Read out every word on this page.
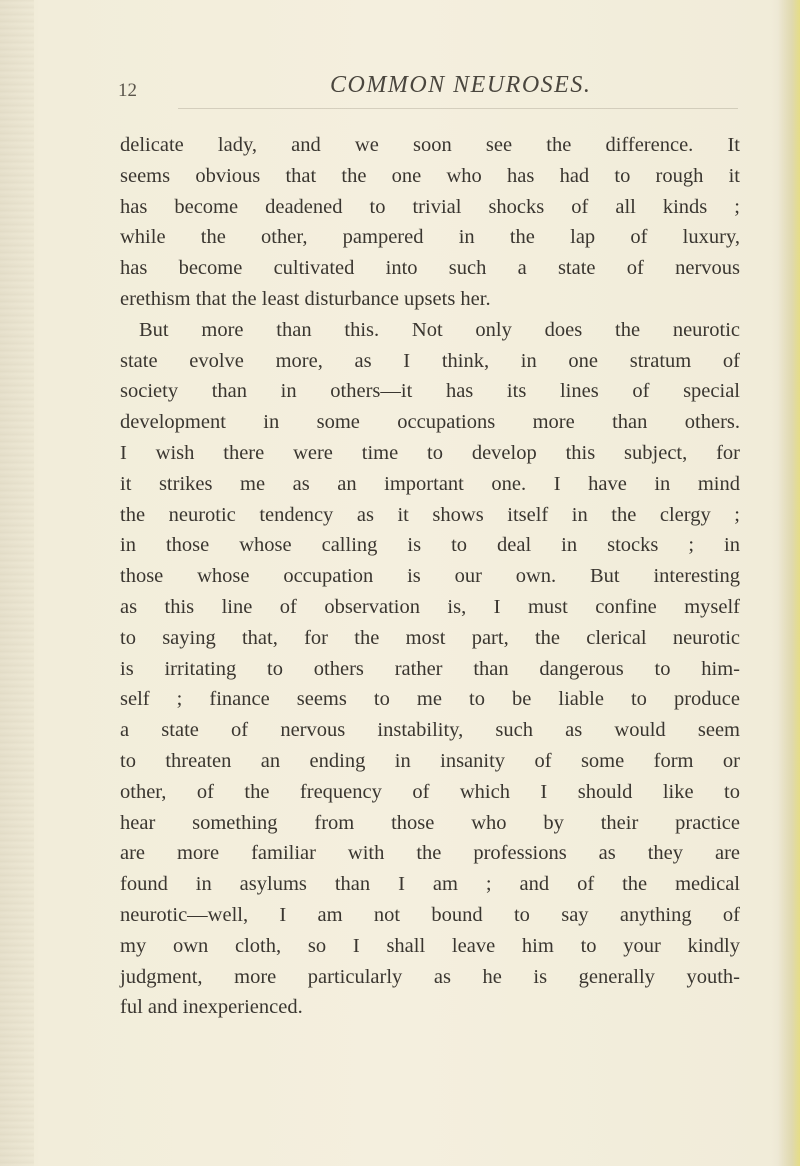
12	COMMON NEUROSES.
delicate lady, and we soon see the difference. It
seems obvious that the one who has had to rough it
has become deadened to trivial shocks of all kinds ;
while the other, pampered in the lap of luxury,
has become cultivated into such a state of nervous
erethism that the least disturbance upsets her.
But more than this. Not only does the neurotic
state evolve more, as I think, in one stratum of
society than in others—it has its lines of special
development in some occupations more than others.
I wish there were time to develop this subject, for
it strikes me as an important one. I have in mind
the neurotic tendency as it shows itself in the clergy ;
in those whose calling is to deal in stocks ; in
those whose occupation is our own. But interesting
as this line of observation is, I must confine myself
to saying that, for the most part, the clerical neurotic
is irritating to others rather than dangerous to him-
self ; finance seems to me to be liable to produce
a state of nervous instability, such as would seem
to threaten an ending in insanity of some form or
other, of the frequency of which I should like to
hear something from those who by their practice
are more familiar with the professions as they are
found in asylums than I am ; and of the medical
neurotic—well, I am not bound to say anything of
my own cloth, so I shall leave him to your kindly
judgment, more particularly as he is generally youth-
ful and inexperienced.
